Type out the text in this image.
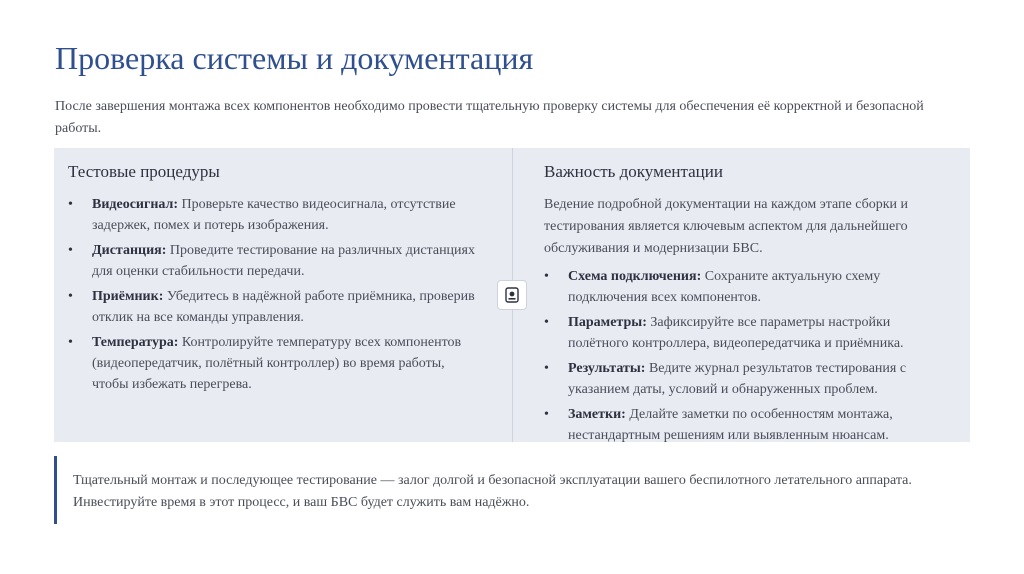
Проверка системы и документация
После завершения монтажа всех компонентов необходимо провести тщательную проверку системы для обеспечения её корректной и безопасной работы.
Тестовые процедуры
• Видеосигнал: Проверьте качество видеосигнала, отсутствие задержек, помех и потерь изображения.
• Дистанция: Проведите тестирование на различных дистанциях для оценки стабильности передачи.
• Приёмник: Убедитесь в надёжной работе приёмника, проверив отклик на все команды управления.
• Температура: Контролируйте температуру всех компонентов (видеопередатчик, полётный контроллер) во время работы, чтобы избежать перегрева.
Важность документации

Ведение подробной документации на каждом этапе сборки и тестирования является ключевым аспектом для дальнейшего обслуживания и модернизации БВС.

• Схема подключения: Сохраните актуальную схему подключения всех компонентов.
• Параметры: Зафиксируйте все параметры настройки полётного контроллера, видеопередатчика и приёмника.
• Результаты: Ведите журнал результатов тестирования с указанием даты, условий и обнаруженных проблем.
• Заметки: Делайте заметки по особенностям монтажа, нестандартным решениям или выявленным нюансам.
Тщательный монтаж и последующее тестирование — залог долгой и безопасной эксплуатации вашего беспилотного летательного аппарата. Инвестируйте время в этот процесс, и ваш БВС будет служить вам надёжно.
